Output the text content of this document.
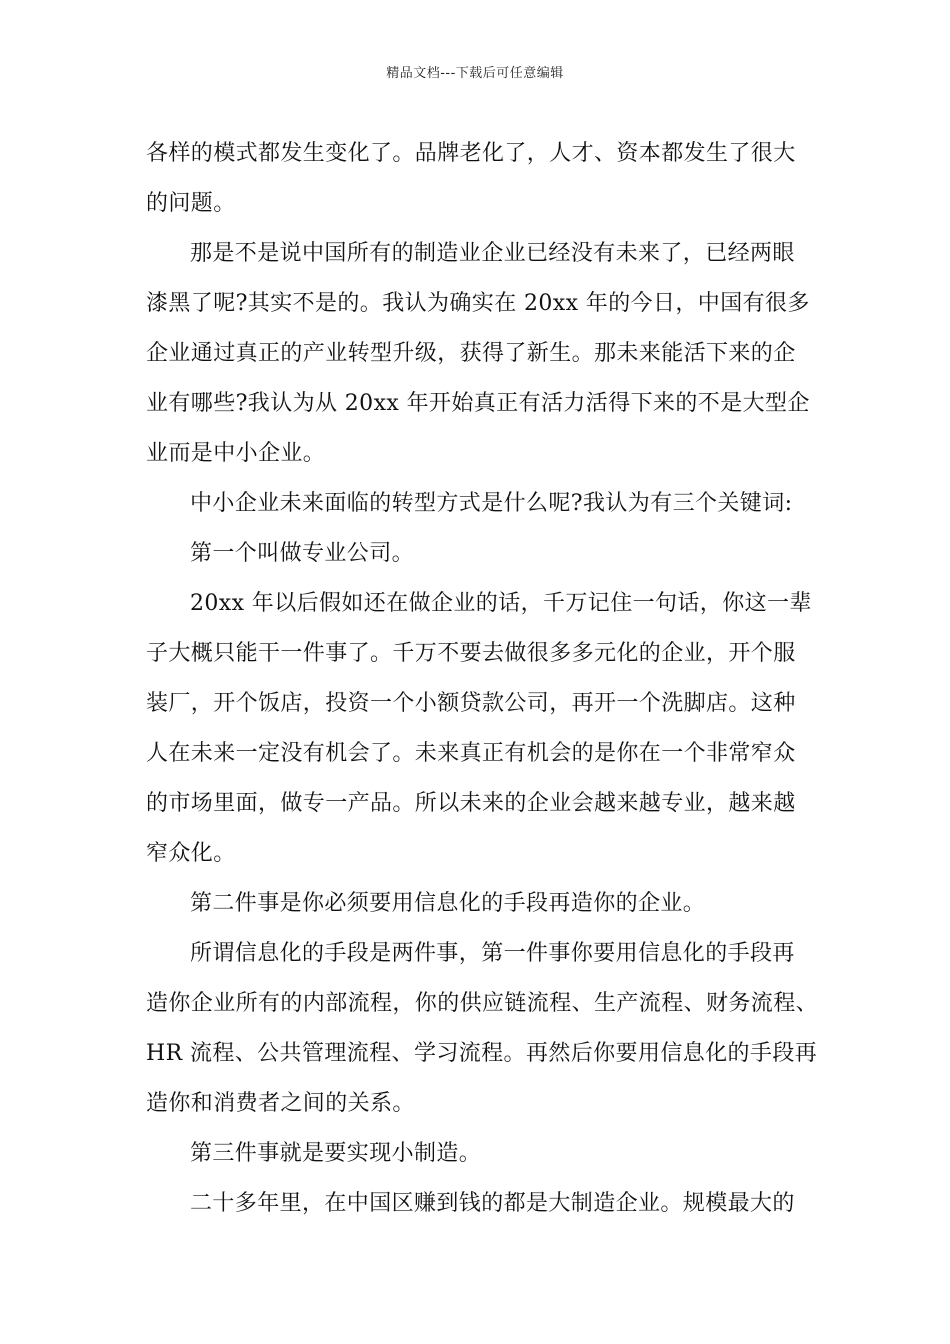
精品文档---下载后可任意编辑
各样的模式都发生变化了。品牌老化了，人才、资本都发生了很大
的问题。
那是不是说中国所有的制造业企业已经没有未来了，已经两眼
漆黑了呢?其实不是的。我认为确实在 20xx 年的今日，中国有很多
企业通过真正的产业转型升级，获得了新生。那未来能活下来的企
业有哪些?我认为从 20xx 年开始真正有活力活得下来的不是大型企
业而是中小企业。
中小企业未来面临的转型方式是什么呢?我认为有三个关键词:
第一个叫做专业公司。
20xx 年以后假如还在做企业的话，千万记住一句话，你这一辈
子大概只能干一件事了。千万不要去做很多多元化的企业，开个服
装厂，开个饭店，投资一个小额贷款公司，再开一个洗脚店。这种
人在未来一定没有机会了。未来真正有机会的是你在一个非常窄众
的市场里面，做专一产品。所以未来的企业会越来越专业，越来越
窄众化。
第二件事是你必须要用信息化的手段再造你的企业。
所谓信息化的手段是两件事，第一件事你要用信息化的手段再
造你企业所有的内部流程，你的供应链流程、生产流程、财务流程、
HR 流程、公共管理流程、学习流程。再然后你要用信息化的手段再
造你和消费者之间的关系。
第三件事就是要实现小制造。
二十多年里，在中国区赚到钱的都是大制造企业。规模最大的
